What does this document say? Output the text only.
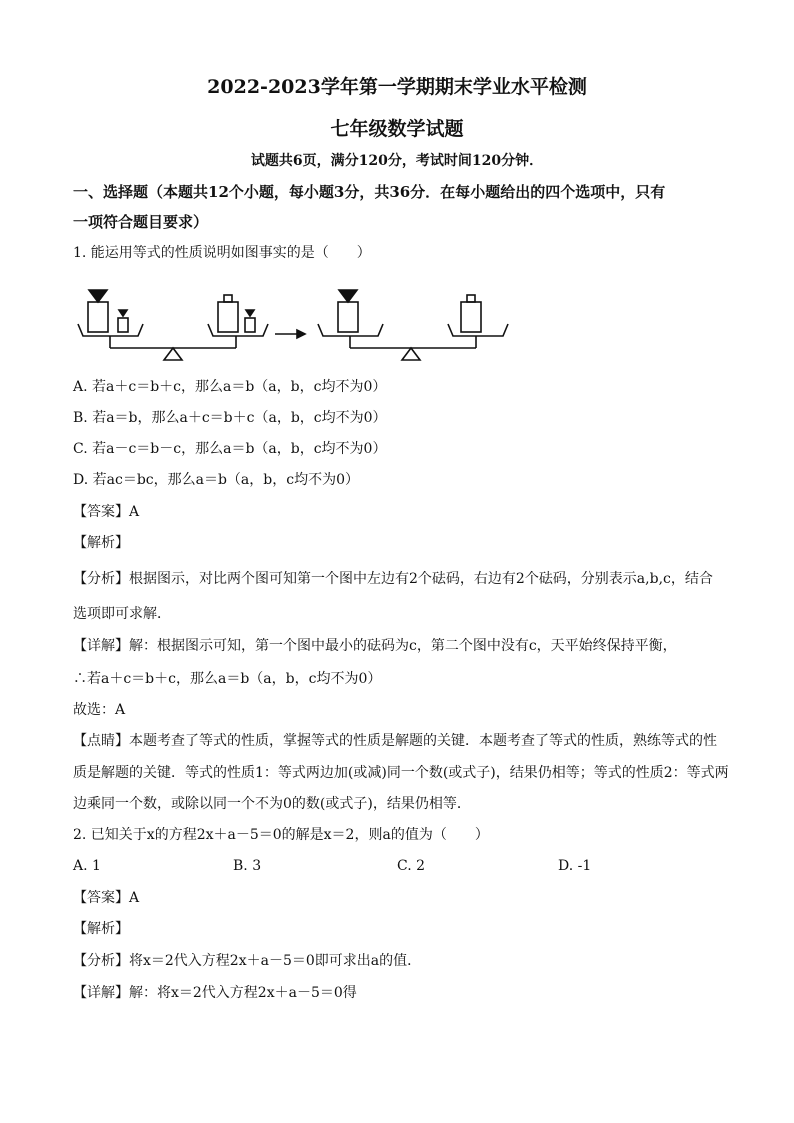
2022-2023学年第一学期期末学业水平检测
七年级数学试题
试题共6页，满分120分，考试时间120分钟．
一、选择题（本题共12个小题，每小题3分，共36分．在每小题给出的四个选项中，只有
一项符合题目要求）
1. 能运用等式的性质说明如图事实的是（　　）
A. 若a＋c＝b＋c，那么a＝b（a，b，c均不为0）
B. 若a＝b，那么a＋c＝b＋c（a，b，c均不为0）
C. 若a－c＝b－c，那么a＝b（a，b，c均不为0）
D. 若ac＝bc，那么a＝b（a，b，c均不为0）
【答案】A
【解析】
【分析】根据图示，对比两个图可知第一个图中左边有2个砝码，右边有2个砝码，分别表示a,b,c，结合
选项即可求解．
【详解】解：根据图示可知，第一个图中最小的砝码为c，第二个图中没有c，天平始终保持平衡，
∴若a＋c＝b＋c，那么a＝b（a，b，c均不为0）
故选：A
【点睛】本题考查了等式的性质，掌握等式的性质是解题的关键．本题考查了等式的性质，熟练等式的性
质是解题的关键．等式的性质1：等式两边加(或减)同一个数(或式子)，结果仍相等；等式的性质2：等式两
边乘同一个数，或除以同一个不为0的数(或式子)，结果仍相等．
2. 已知关于x的方程2x＋a－5＝0的解是x＝2，则a的值为（　　）
A. 1	B. 3	C. 2	D. -1
【答案】A
【解析】
【分析】将x＝2代入方程2x＋a－5＝0即可求出a的值．
【详解】解：将x＝2代入方程2x＋a－5＝0得
